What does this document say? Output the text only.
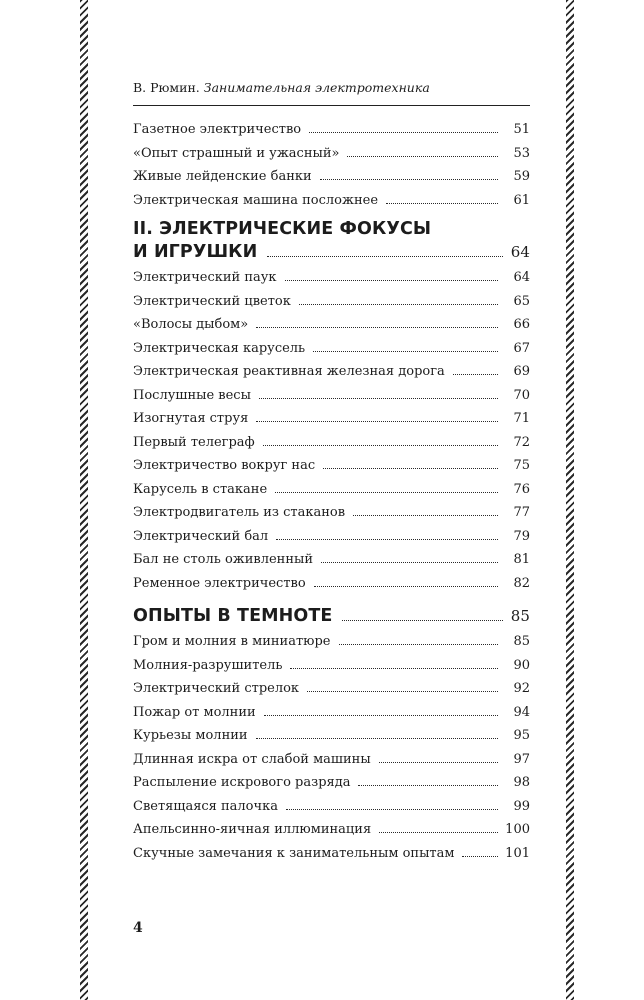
В. Рюмин. Занимательная электротехника
Газетное электричество	51
«Опыт страшный и ужасный»	53
Живые лейденские банки	59
Электрическая машина посложнее	61
II. ЭЛЕКТРИЧЕСКИЕ ФОКУСЫ
И ИГРУШКИ	64
Электрический паук	64
Электрический цветок	65
«Волосы дыбом»	66
Электрическая карусель	67
Электрическая реактивная железная дорога	69
Послушные весы	70
Изогнутая струя	71
Первый телеграф	72
Электричество вокруг нас	75
Карусель в стакане	76
Электродвигатель из стаканов	77
Электрический бал	79
Бал не столь оживленный	81
Ременное электричество	82
ОПЫТЫ В ТЕМНОТЕ	85
Гром и молния в миниатюре	85
Молния-разрушитель	90
Электрический стрелок	92
Пожар от молнии	94
Курьезы молнии	95
Длинная искра от слабой машины	97
Распыление искрового разряда	98
Светящаяся палочка	99
Апельсинно-яичная иллюминация	100
Скучные замечания к занимательным опытам	101
4
